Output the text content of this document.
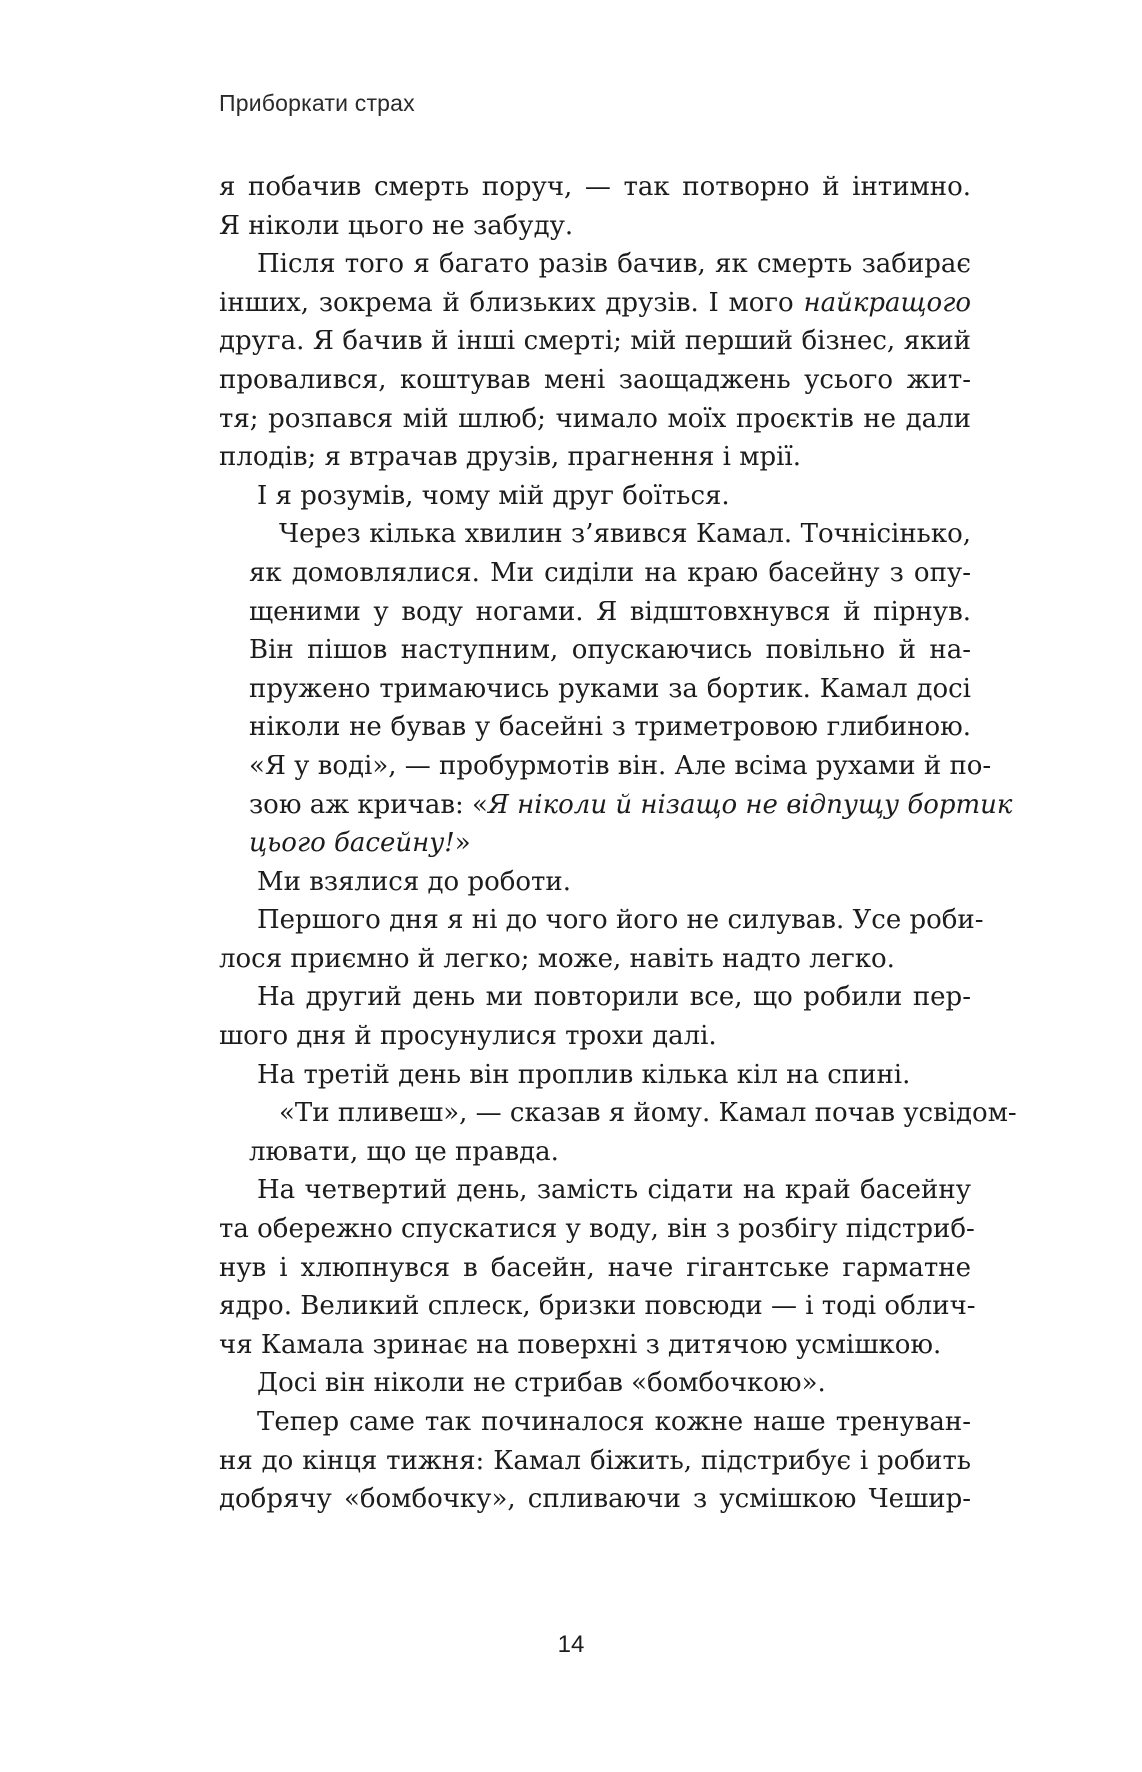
Приборкати страх

я побачив смерть поруч, — так потворно й інтимно.
Я ніколи цього не забуду.

Після того я багато разів бачив, як смерть забирає
інших, зокрема й близьких друзів. І мого найкращого
друга. Я бачив й інші смерті; мій перший бізнес, який
провалився, коштував мені заощаджень усього жит-
тя; розпався мій шлюб; чимало моїх проєктів не дали
плодів; я втрачав друзів, прагнення і мрії.

І я розумів, чому мій друг боїться.

Через кілька хвилин з’явився Камал. Точнісінько,
як домовлялися. Ми сиділи на краю басейну з опу-
щеними у воду ногами. Я відштовхнувся й пірнув.
Він пішов наступним, опускаючись повільно й на-
пружено тримаючись руками за бортик. Камал досі
ніколи не бував у басейні з триметровою глибиною.
«Я у воді», — пробурмотів він. Але всіма рухами й по-
зою аж кричав: «Я ніколи й нізащо не відпущу бортик
цього басейну!»

Ми взялися до роботи.

Першого дня я ні до чого його не силував. Усе роби-
лося приємно й легко; може, навіть надто легко.

На другий день ми повторили все, що робили пер-
шого дня й просунулися трохи далі.

На третій день він проплив кілька кіл на спині.

«Ти пливеш», — сказав я йому. Камал почав усвідом-
лювати, що це правда.

На четвертий день, замість сідати на край басейну
та обережно спускатися у воду, він з розбігу підстриб-
нув і хлюпнувся в басейн, наче гігантське гарматне
ядро. Великий сплеск, бризки повсюди — і тоді облич-
чя Камала зринає на поверхні з дитячою усмішкою.

Досі він ніколи не стрибав «бомбочкою».

Тепер саме так починалося кожне наше тренуван-
ня до кінця тижня: Камал біжить, підстрибує і робить
добрячу «бомбочку», спливаючи з усмішкою Чешир-

14
